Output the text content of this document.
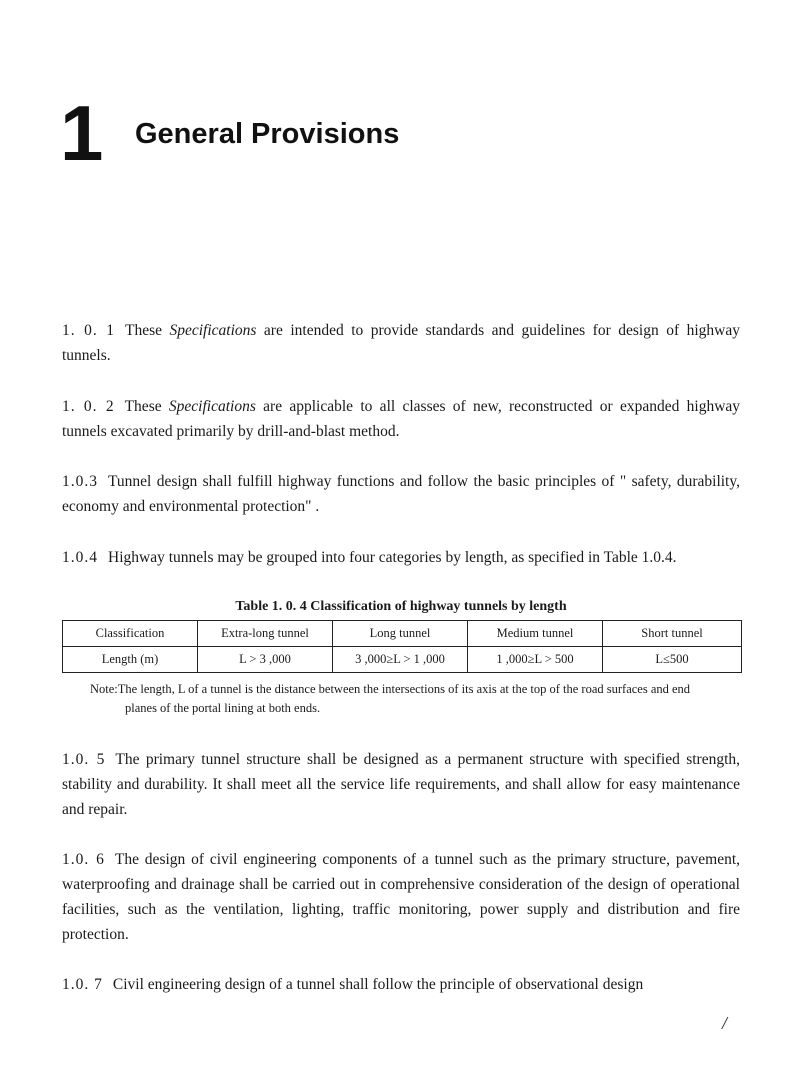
1 General Provisions

1. 0. 1 These Specifications are intended to provide standards and guidelines for design of highway tunnels.

1. 0. 2 These Specifications are applicable to all classes of new, reconstructed or expanded highway tunnels excavated primarily by drill-and-blast method.

1.0.3 Tunnel design shall fulfill highway functions and follow the basic principles of " safety, durability, economy and environmental protection" .

1.0.4 Highway tunnels may be grouped into four categories by length, as specified in Table 1.0.4.

Table 1. 0. 4 Classification of highway tunnels by length
Classification	Extra-long tunnel	Long tunnel	Medium tunnel	Short tunnel
Length (m)	L > 3 ,000	3 ,000≥L > 1 ,000	1 ,000≥L > 500	L≤500
Note:The length, L of a tunnel is the distance between the intersections of its axis at the top of the road surfaces and end
planes of the portal lining at both ends.

1.0. 5 The primary tunnel structure shall be designed as a permanent structure with specified strength, stability and durability. It shall meet all the service life requirements, and shall allow for easy maintenance and repair.

1.0. 6 The design of civil engineering components of a tunnel such as the primary structure, pavement, waterproofing and drainage shall be carried out in comprehensive consideration of the design of operational facilities, such as the ventilation, lighting, traffic monitoring, power supply and distribution and fire protection.

1.0. 7 Civil engineering design of a tunnel shall follow the principle of observational design

/
